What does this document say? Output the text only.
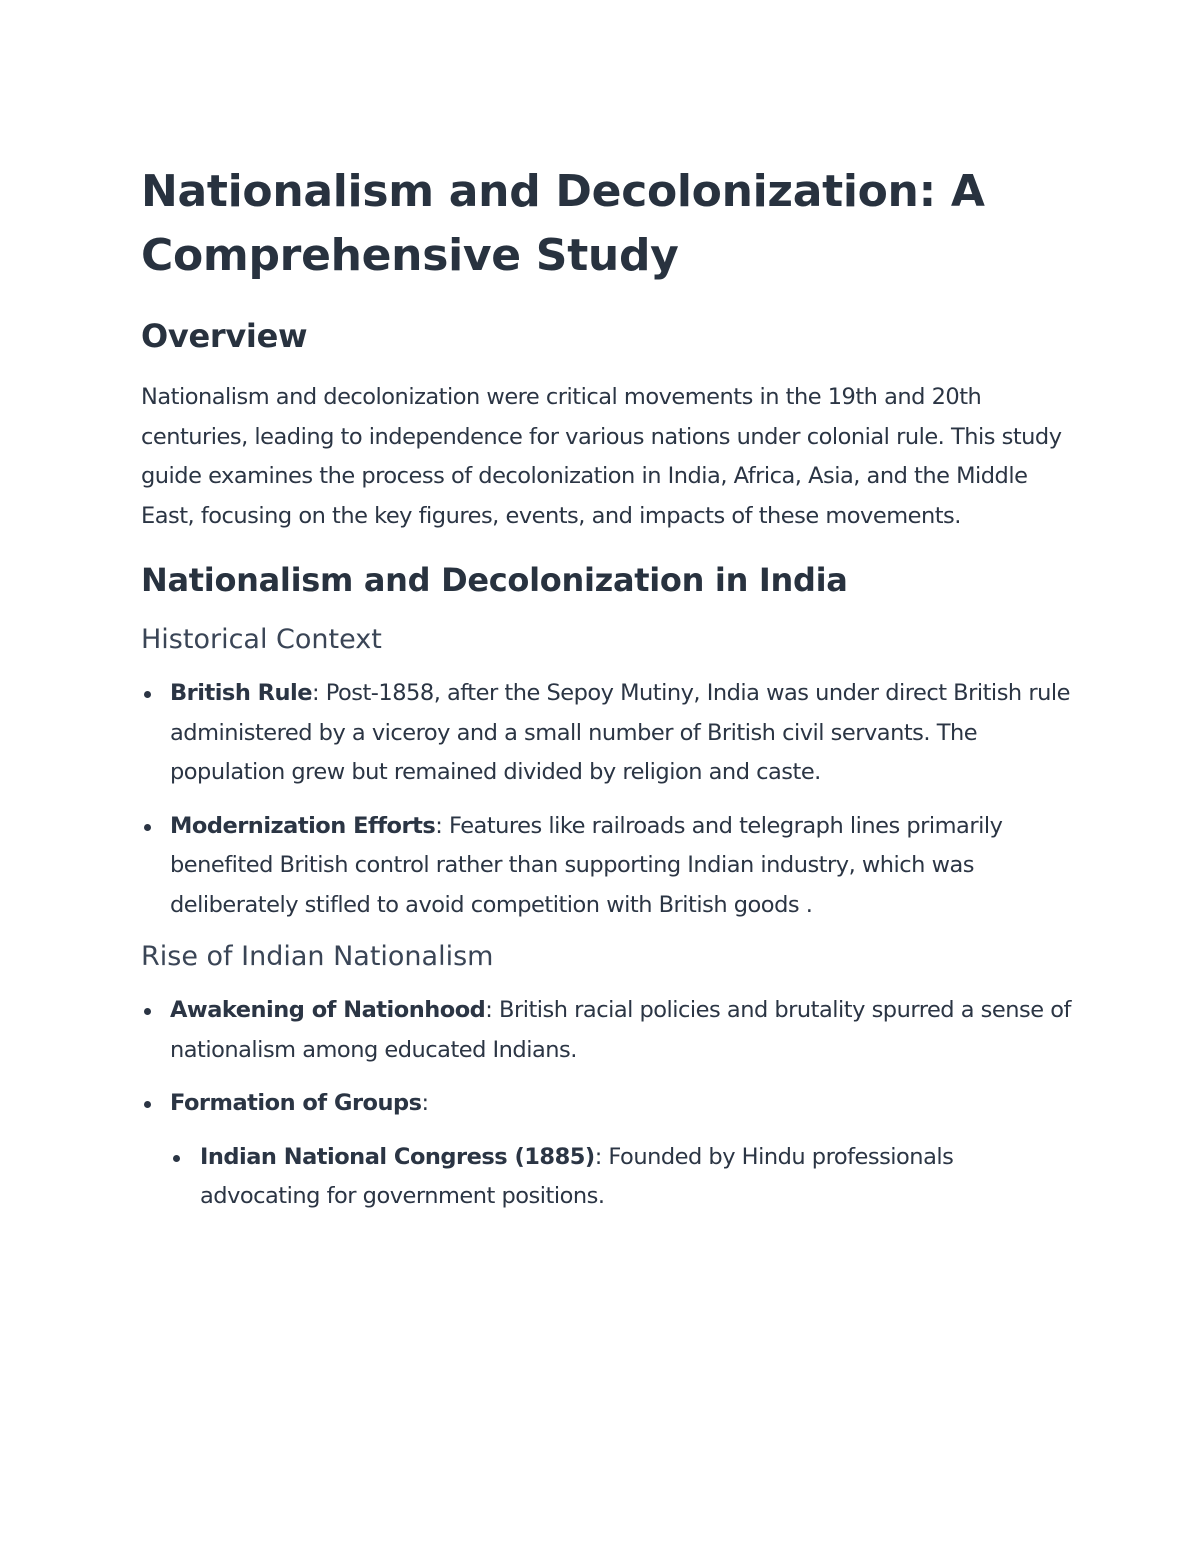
Nationalism and Decolonization: A Comprehensive Study
Overview

Nationalism and decolonization were critical movements in the 19th and 20th centuries, leading to independence for various nations under colonial rule. This study guide examines the process of decolonization in India, Africa, Asia, and the Middle East, focusing on the key figures, events, and impacts of these movements.

Nationalism and Decolonization in India
Historical Context
British Rule: Post-1858, after the Sepoy Mutiny, India was under direct British rule administered by a viceroy and a small number of British civil servants. The population grew but remained divided by religion and caste.
Modernization Efforts: Features like railroads and telegraph lines primarily benefited British control rather than supporting Indian industry, which was deliberately stifled to avoid competition with British goods .
Rise of Indian Nationalism
Awakening of Nationhood: British racial policies and brutality spurred a sense of nationalism among educated Indians.
Formation of Groups:
Indian National Congress (1885): Founded by Hindu professionals advocating for government positions.
